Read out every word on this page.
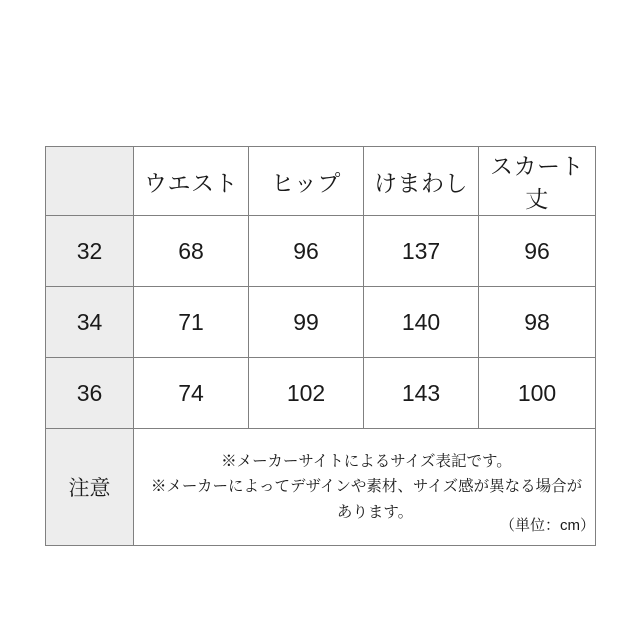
	ウエスト	ヒップ	けまわし	スカート丈
32	68	96	137	96
34	71	99	140	98
36	74	102	143	100
注意	※メーカーサイトによるサイズ表記です。
※メーカーによってデザインや素材、サイズ感が異なる場合が
あります。			
（単位：cm）
